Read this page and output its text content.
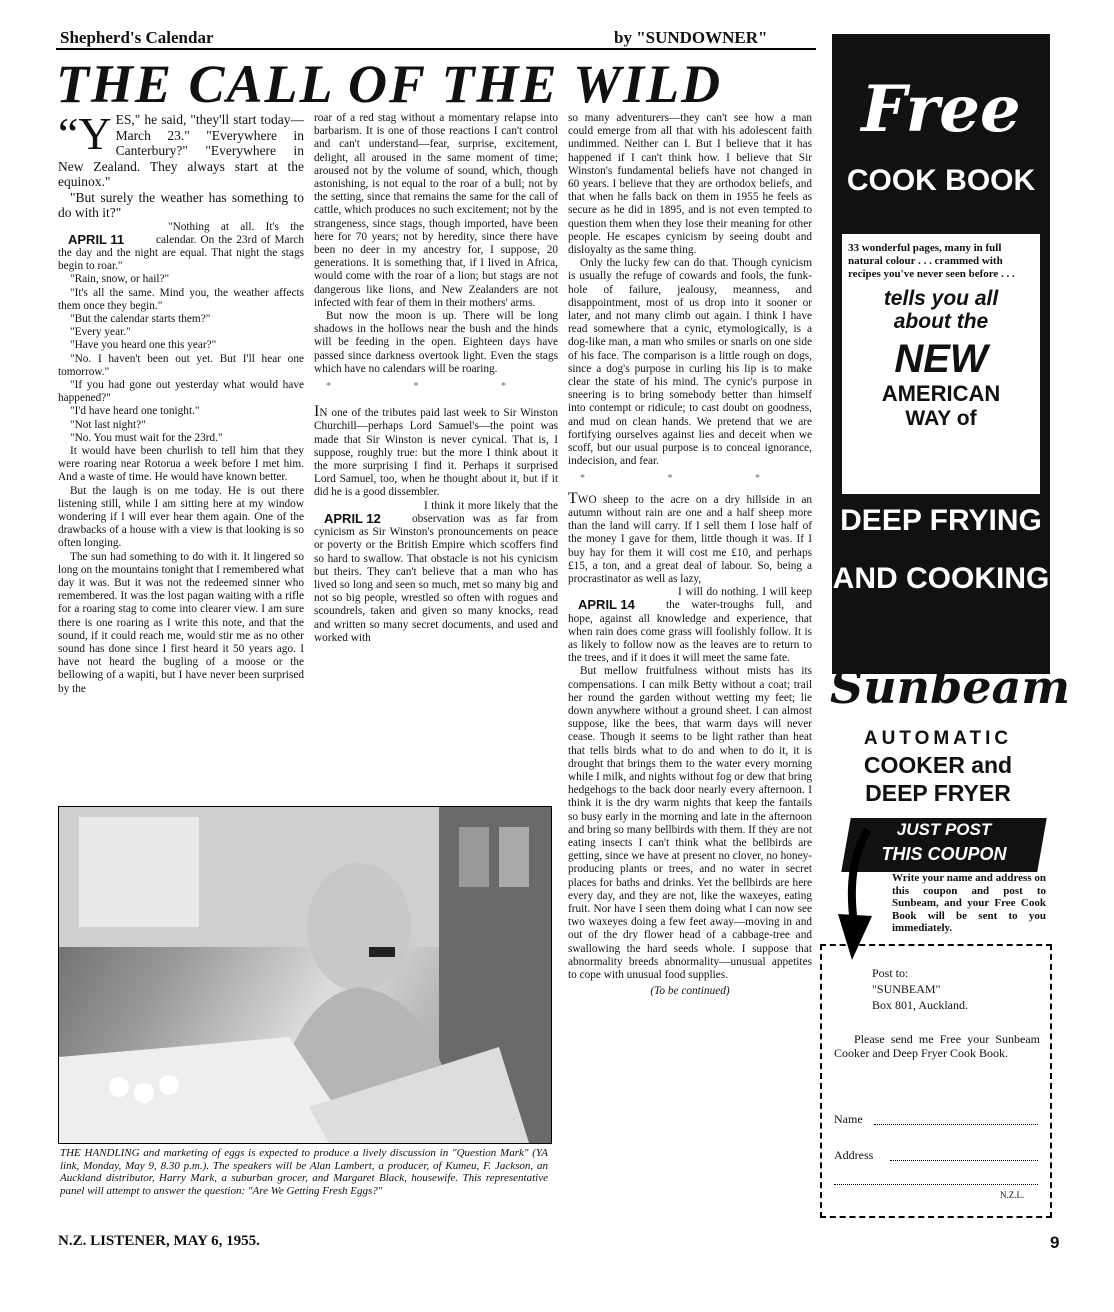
Shepherd's Calendar	by "SUNDOWNER"
THE CALL OF THE WILD

“YES," he said, "they'll start today—March 23." "Everywhere in Canterbury?" "Everywhere in New Zealand. They always start at the equinox."

"But surely the weather has something to do with it?"

APRIL 11
"Nothing at all. It's the calendar. On the 23rd of March the day and the night are equal. That night the stags begin to roar."

"Rain, snow, or hail?"

"It's all the same. Mind you, the weather affects them once they begin."

"But the calendar starts them?"

"Every year."

"Have you heard one this year?"

"No. I haven't been out yet. But I'll hear one tomorrow."

"If you had gone out yesterday what would have happened?"

"I'd have heard one tonight."

"Not last night?"

"No. You must wait for the 23rd."

It would have been churlish to tell him that they were roaring near Rotorua a week before I met him. And a waste of time. He would have known better.

But the laugh is on me today. He is out there listening still, while I am sitting here at my window wondering if I will ever hear them again. One of the drawbacks of a house with a view is that looking is so often longing.

The sun had something to do with it. It lingered so long on the mountains tonight that I remembered what day it was. But it was not the redeemed sinner who remembered. It was the lost pagan waiting with a rifle for a roaring stag to come into clearer view. I am sure there is one roaring as I write this note, and that the sound, if it could reach me, would stir me as no other sound has done since I first heard it 50 years ago. I have not heard the bugling of a moose or the bellowing of a wapiti, but I have never been surprised by the

roar of a red stag without a momentary relapse into barbarism. It is one of those reactions I can't control and can't understand—fear, surprise, excitement, delight, all aroused in the same moment of time; aroused not by the volume of sound, which, though astonishing, is not equal to the roar of a bull; not by the setting, since that remains the same for the call of cattle, which produces no such excitement; not by the strangeness, since stags, though imported, have been here for 70 years; not by heredity, since there have been no deer in my ancestry for, I suppose, 20 generations. It is something that, if I lived in Africa, would come with the roar of a lion; but stags are not dangerous like lions, and New Zealanders are not infected with fear of them in their mothers' arms.

But now the moon is up. There will be long shadows in the hollows near the bush and the hinds will be feeding in the open. Eighteen days have passed since darkness overtook light. Even the stags which have no calendars will be roaring.

* * *

IN one of the tributes paid last week to Sir Winston Churchill—perhaps Lord Samuel's—the point was made that Sir Winston is never cynical. That is, I suppose, roughly true: but the more I think about it the more surprising I find it. Perhaps it surprised Lord Samuel, too, when he thought about it, but if it did he is a good dissembler.

APRIL 12
I think it more likely that the observation was as far from cynicism as Sir Winston's pronouncements on peace or poverty or the British Empire which scoffers find so hard to swallow. That obstacle is not his cynicism but theirs. They can't believe that a man who has lived so long and seen so much, met so many big and not so big people, wrestled so often with rogues and scoundrels, taken and given so many knocks, read and written so many secret documents, and used and worked with

so many adventurers—they can't see how a man could emerge from all that with his adolescent faith undimmed. Neither can I. But I believe that it has happened if I can't think how. I believe that Sir Winston's fundamental beliefs have not changed in 60 years. I believe that they are orthodox beliefs, and that when he falls back on them in 1955 he feels as secure as he did in 1895, and is not even tempted to question them when they lose their meaning for other people. He escapes cynicism by seeing doubt and disloyalty as the same thing.

Only the lucky few can do that. Though cynicism is usually the refuge of cowards and fools, the funk-hole of failure, jealousy, meanness, and disappointment, most of us drop into it sooner or later, and not many climb out again. I think I have read somewhere that a cynic, etymologically, is a dog-like man, a man who smiles or snarls on one side of his face. The comparison is a little rough on dogs, since a dog's purpose in curling his lip is to make clear the state of his mind. The cynic's purpose in sneering is to bring somebody better than himself into contempt or ridicule; to cast doubt on goodness, and mud on clean hands. We pretend that we are fortifying ourselves against lies and deceit when we scoff, but our usual purpose is to conceal ignorance, indecision, and fear.

* * *

TWO sheep to the acre on a dry hillside in an autumn without rain are one and a half sheep more than the land will carry. If I sell them I lose half of the money I gave for them, little though it was. If I buy hay for them it will cost me £10, and perhaps £15, a ton, and a great deal of labour. So, being a procrastinator as well as lazy,

APRIL 14
I will do nothing. I will keep the water-troughs full, and hope, against all knowledge and experience, that when rain does come grass will foolishly follow. It is as likely to follow now as the leaves are to return to the trees, and if it does it will meet the same fate.

But mellow fruitfulness without mists has its compensations. I can milk Betty without a coat; trail her round the garden without wetting my feet; lie down anywhere without a ground sheet. I can almost suppose, like the bees, that warm days will never cease. Though it seems to be light rather than heat that tells birds what to do and when to do it, it is drought that brings them to the water every morning while I milk, and nights without fog or dew that bring hedgehogs to the back door nearly every afternoon. I think it is the dry warm nights that keep the fantails so busy early in the morning and late in the afternoon and bring so many bellbirds with them. If they are not eating insects I can't think what the bellbirds are getting, since we have at present no clover, no honey-producing plants or trees, and no water in secret places for baths and drinks. Yet the bellbirds are here every day, and they are not, like the waxeyes, eating fruit. Nor have I seen them doing what I can now see two waxeyes doing a few feet away—moving in and out of the dry flower head of a cabbage-tree and swallowing the hard seeds whole. I suppose that abnormality breeds abnormality—unusual appetites to cope with unusual food supplies.

(To be continued)

THE HANDLING and marketing of eggs is expected to produce a lively discussion in "Question Mark" (YA link, Monday, May 9, 8.30 p.m.). The speakers will be Alan Lambert, a producer, of Kumeu, F. Jackson, an Auckland distributor, Harry Mark, a suburban grocer, and Margaret Black, housewife. This representative panel will attempt to answer the question: "Are We Getting Fresh Eggs?"
N.Z. LISTENER, MAY 6, 1955.	9
Free
COOK BOOK
33 wonderful pages, many in full natural colour . . . crammed with recipes you've never seen before . . .
tells you all about the
NEW
AMERICAN
WAY of
DEEP FRYING
AND COOKING
with the amazing
Sunbeam
AUTOMATIC
COOKER and
DEEP FRYER
JUST POST
THIS COUPON
Write your name and address on this coupon and post to Sunbeam, and your Free Cook Book will be sent to you immediately.
Post to:
"SUNBEAM"
Box 801, Auckland.
Please send me Free your Sunbeam Cooker and Deep Fryer Cook Book.
Name
Address
N.Z.L.
